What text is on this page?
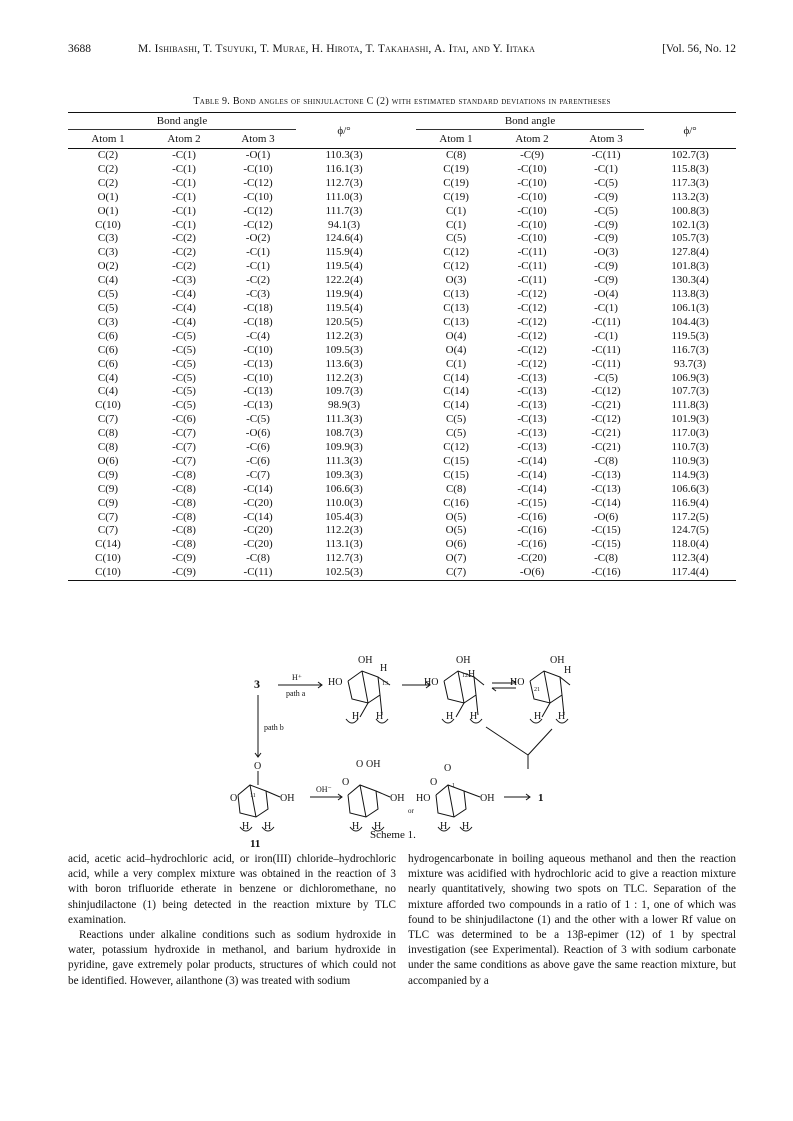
3688	M. Ishibashi, T. Tsuyuki, T. Murae, H. Hirota, T. Takahashi, A. Itai, and Y. Iitaka	[Vol. 56, No. 12
Table 9. Bond angles of shinjulactone C (2) with estimated standard deviations in parentheses
Bond angle			ϕ/°		Bond angle			ϕ/°
Atom 1	Atom 2	Atom 3			Atom 1	Atom 2	Atom 3	
C(2)	-C(1)	-O(1)	110.3(3)		C(8)	-C(9)	-C(11)	102.7(3)
C(2)	-C(1)	-C(10)	116.1(3)		C(19)	-C(10)	-C(1)	115.8(3)
C(2)	-C(1)	-C(12)	112.7(3)		C(19)	-C(10)	-C(5)	117.3(3)
O(1)	-C(1)	-C(10)	111.0(3)		C(19)	-C(10)	-C(9)	113.2(3)
O(1)	-C(1)	-C(12)	111.7(3)		C(1)	-C(10)	-C(5)	100.8(3)
C(10)	-C(1)	-C(12)	94.1(3)		C(1)	-C(10)	-C(9)	102.1(3)
C(3)	-C(2)	-O(2)	124.6(4)		C(5)	-C(10)	-C(9)	105.7(3)
C(3)	-C(2)	-C(1)	115.9(4)		C(12)	-C(11)	-O(3)	127.8(4)
O(2)	-C(2)	-C(1)	119.5(4)		C(12)	-C(11)	-C(9)	101.8(3)
C(4)	-C(3)	-C(2)	122.2(4)		O(3)	-C(11)	-C(9)	130.3(4)
C(5)	-C(4)	-C(3)	119.9(4)		C(13)	-C(12)	-O(4)	113.8(3)
C(5)	-C(4)	-C(18)	119.5(4)		C(13)	-C(12)	-C(1)	106.1(3)
C(3)	-C(4)	-C(18)	120.5(5)		C(13)	-C(12)	-C(11)	104.4(3)
C(6)	-C(5)	-C(4)	112.2(3)		O(4)	-C(12)	-C(1)	119.5(3)
C(6)	-C(5)	-C(10)	109.5(3)		O(4)	-C(12)	-C(11)	116.7(3)
C(6)	-C(5)	-C(13)	113.6(3)		C(1)	-C(12)	-C(11)	93.7(3)
C(4)	-C(5)	-C(10)	112.2(3)		C(14)	-C(13)	-C(5)	106.9(3)
C(4)	-C(5)	-C(13)	109.7(3)		C(14)	-C(13)	-C(12)	107.7(3)
C(10)	-C(5)	-C(13)	98.9(3)		C(14)	-C(13)	-C(21)	111.8(3)
C(7)	-C(6)	-C(5)	111.3(3)		C(5)	-C(13)	-C(12)	101.9(3)
C(8)	-C(7)	-O(6)	108.7(3)		C(5)	-C(13)	-C(21)	117.0(3)
C(8)	-C(7)	-C(6)	109.9(3)		C(12)	-C(13)	-C(21)	110.7(3)
O(6)	-C(7)	-C(6)	111.3(3)		C(15)	-C(14)	-C(8)	110.9(3)
C(9)	-C(8)	-C(7)	109.3(3)		C(15)	-C(14)	-C(13)	114.9(3)
C(9)	-C(8)	-C(14)	106.6(3)		C(8)	-C(14)	-C(13)	106.6(3)
C(9)	-C(8)	-C(20)	110.0(3)		C(16)	-C(15)	-C(14)	116.9(4)
C(7)	-C(8)	-C(14)	105.4(3)		O(5)	-C(16)	-O(6)	117.2(5)
C(7)	-C(8)	-C(20)	112.2(3)		O(5)	-C(16)	-C(15)	124.7(5)
C(14)	-C(8)	-C(20)	113.1(3)		O(6)	-C(16)	-C(15)	118.0(4)
C(10)	-C(9)	-C(8)	112.7(3)		O(7)	-C(20)	-C(8)	112.3(4)
C(10)	-C(9)	-C(11)	102.5(3)		C(7)	-O(6)	-C(16)	117.4(4)
3	H⁺
path a
path b
OH
H
HO	13
H H
OH
HO
12 H
H H
OH
HO
H
21
H H
O
O 11 OH
H H
11
OH⁻
O OH
O
OH
H H
or
O
O 1
HO	OH
H H
1
Scheme 1.

acid, acetic acid–hydrochloric acid, or iron(III) chloride–hydrochloric acid, while a very complex mixture was obtained in the reaction of 3 with boron trifluoride etherate in benzene or dichloromethane, no shinjudilactone (1) being detected in the reaction mixture by TLC examination.

Reactions under alkaline conditions such as sodium hydroxide in water, potassium hydroxide in methanol, and barium hydroxide in pyridine, gave extremely polar products, structures of which could not be identified. However, ailanthone (3) was treated with sodium

hydrogencarbonate in boiling aqueous methanol and then the reaction mixture was acidified with hydrochloric acid to give a reaction mixture nearly quantitatively, showing two spots on TLC. Separation of the mixture afforded two compounds in a ratio of 1 : 1, one of which was found to be shinjudilactone (1) and the other with a lower Rf value on TLC was determined to be a 13β-epimer (12) of 1 by spectral investigation (see Experimental). Reaction of 3 with sodium carbonate under the same conditions as above gave the same reaction mixture, but accompanied by a
